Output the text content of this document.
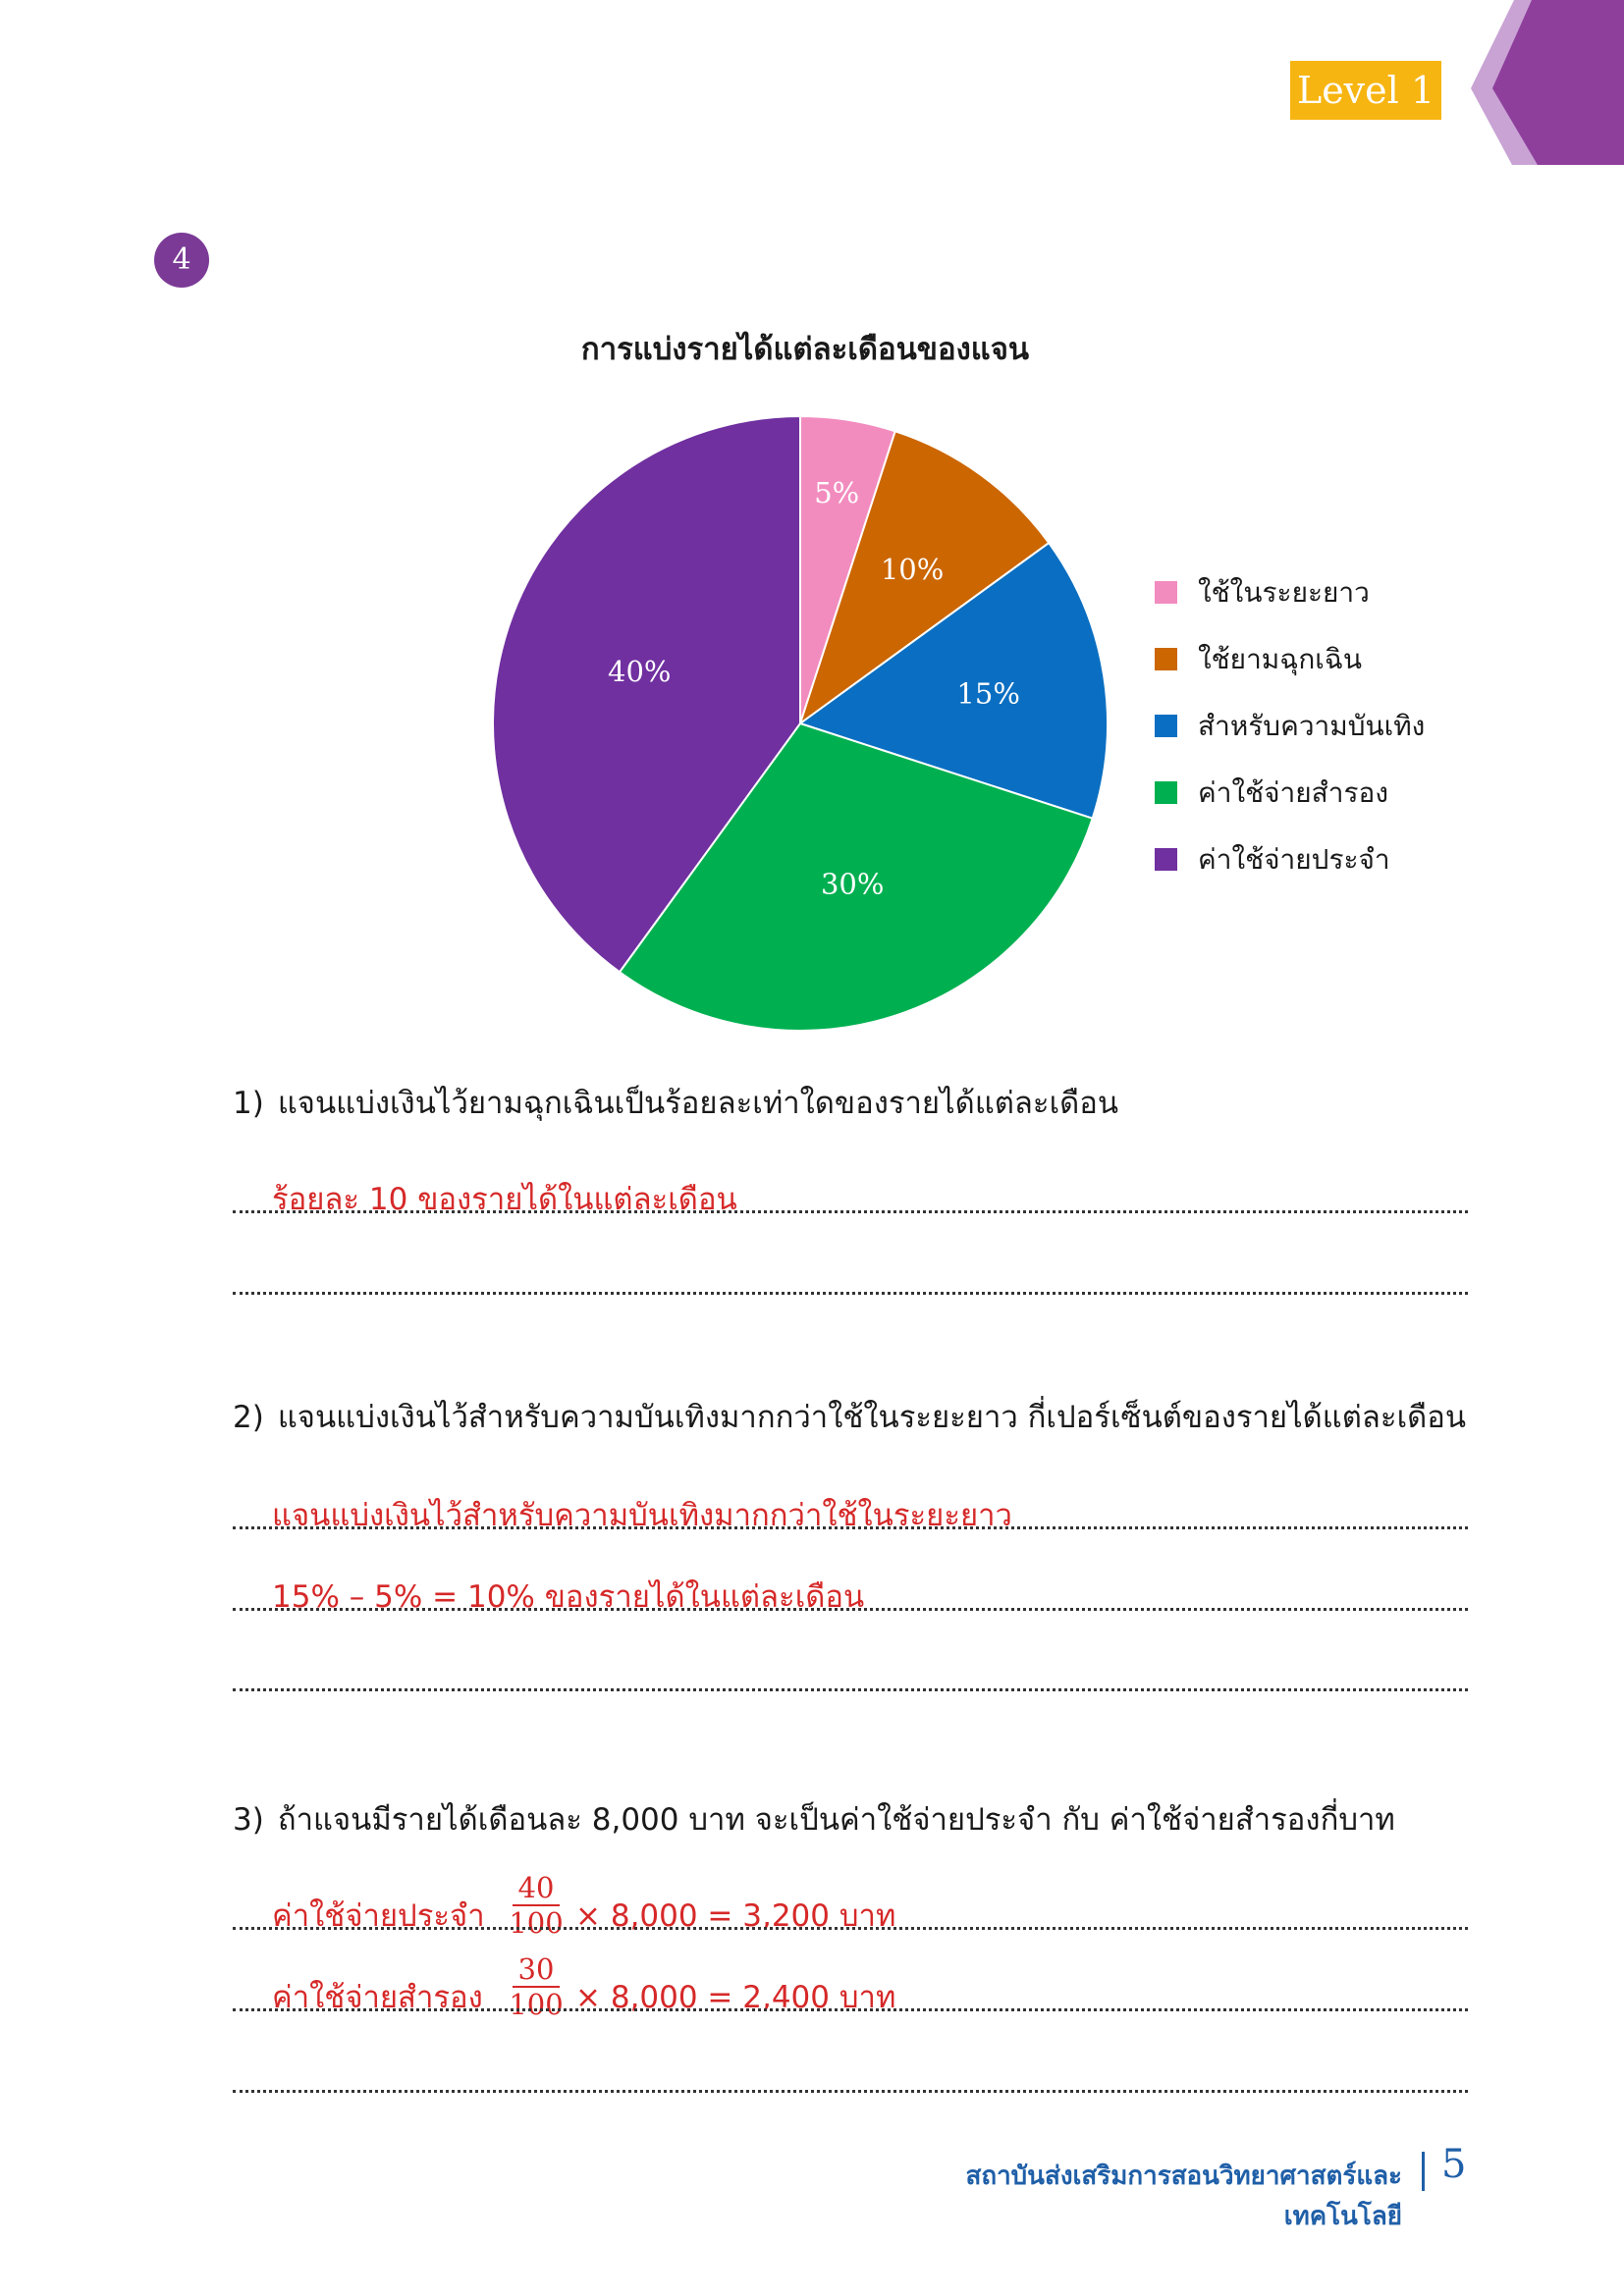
Level 1
4
การแบ่งรายได้แต่ละเดือนของแจน
5%
10%
15%
30%
40%
ใช้ในระยะยาว
ใช้ยามฉุกเฉิน
สำหรับความบันเทิง
ค่าใช้จ่ายสำรอง
ค่าใช้จ่ายประจำ
1) แจนแบ่งเงินไว้ยามฉุกเฉินเป็นร้อยละเท่าใดของรายได้แต่ละเดือน
ร้อยละ 10 ของรายได้ในแต่ละเดือน
2) แจนแบ่งเงินไว้สำหรับความบันเทิงมากกว่าใช้ในระยะยาว กี่เปอร์เซ็นต์ของรายได้แต่ละเดือน
แจนแบ่งเงินไว้สำหรับความบันเทิงมากกว่าใช้ในระยะยาว
15% – 5% = 10% ของรายได้ในแต่ละเดือน
3) ถ้าแจนมีรายได้เดือนละ 8,000 บาท จะเป็นค่าใช้จ่ายประจำ กับ ค่าใช้จ่ายสำรองกี่บาท
ค่าใช้จ่ายประจำ
40
100 × 8,000 = 3,200 บาท
ค่าใช้จ่ายสำรอง
30
100 × 8,000 = 2,400 บาท
สถาบันส่งเสริมการสอนวิทยาศาสตร์และเทคโนโลยี
5
